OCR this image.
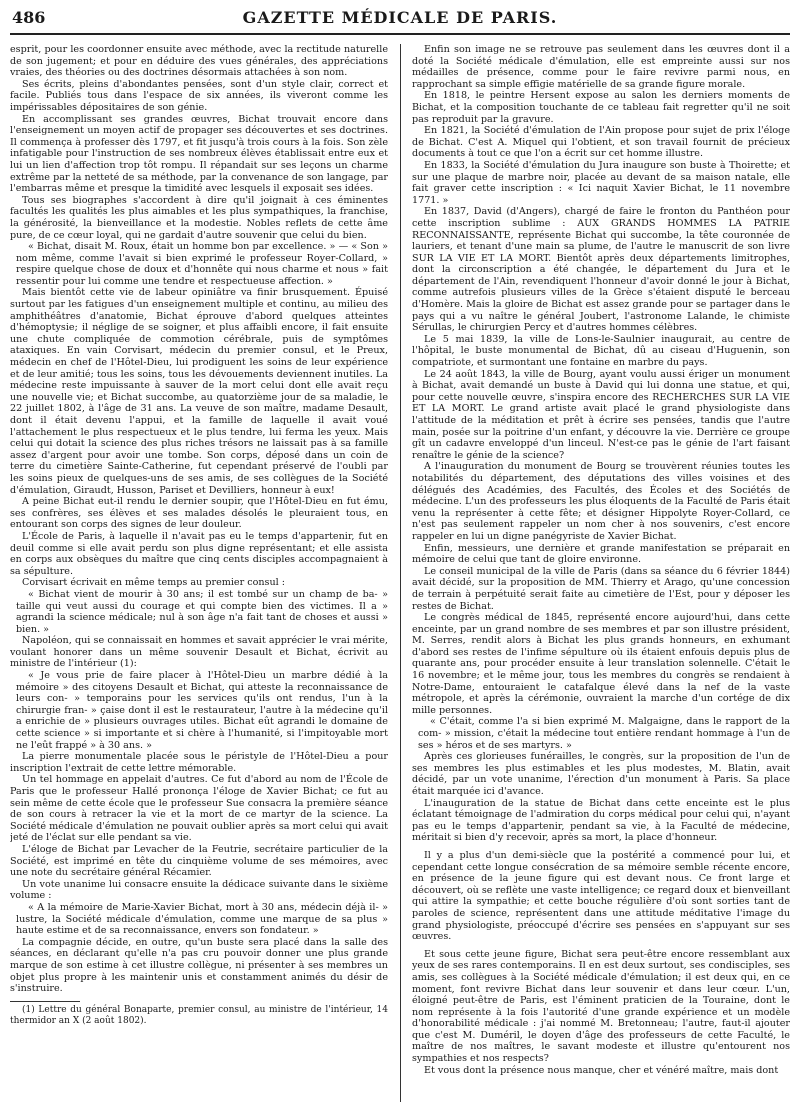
486	GAZETTE MÉDICALE DE PARIS.

esprit, pour les coordonner ensuite avec méthode, avec la rectitude naturelle de son jugement; et pour en déduire des vues générales, des appréciations vraies, des théories ou des doctrines désormais attachées à son nom.

Ses écrits, pleins d'abondantes pensées, sont d'un style clair, correct et facile. Publiés tous dans l'espace de six années, ils viveront comme les impérissables dépositaires de son génie.

En accomplissant ses grandes œuvres, Bichat trouvait encore dans l'enseignement un moyen actif de propager ses découvertes et ses doctrines. Il commença à professer dès 1797, et fit jusqu'à trois cours à la fois. Son zèle infatigable pour l'instruction de ses nombreux élèves établissait entre eux et lui un lien d'affection trop tôt rompu. Il répandait sur ses leçons un charme extrême par la netteté de sa méthode, par la convenance de son langage, par l'embarras même et presque la timidité avec lesquels il exposait ses idées.

Tous ses biographes s'accordent à dire qu'il joignait à ces éminentes facultés les qualités les plus aimables et les plus sympathiques, la franchise, la générosité, la bienveillance et la modestie. Nobles reflets de cette âme pure, de ce cœur loyal, qui ne gardait d'autre souvenir que celui du bien.

« Bichat, disait M. Roux, était un homme bon par excellence. » — « Son » nom même, comme l'avait si bien exprimé le professeur Royer-Collard, » respire quelque chose de doux et d'honnête qui nous charme et nous » fait ressentir pour lui comme une tendre et respectueuse affection. »

Mais bientôt cette vie de labeur opiniâtre va finir brusquement. Épuisé surtout par les fatigues d'un enseignement multiple et continu, au milieu des amphithéâtres d'anatomie, Bichat éprouve d'abord quelques atteintes d'hémoptysie; il néglige de se soigner, et plus affaibli encore, il fait ensuite une chute compliquée de commotion cérébrale, puis de symptômes ataxiques. En vain Corvisart, médecin du premier consul, et le Preux, médecin en chef de l'Hôtel-Dieu, lui prodiguent les soins de leur expérience et de leur amitié; tous les soins, tous les dévouements deviennent inutiles. La médecine reste impuissante à sauver de la mort celui dont elle avait reçu une nouvelle vie; et Bichat succombe, au quatorzième jour de sa maladie, le 22 juillet 1802, à l'âge de 31 ans. La veuve de son maître, madame Desault, dont il était devenu l'appui, et la famille de laquelle il avait voué l'attachement le plus respectueux et le plus tendre, lui ferma les yeux. Mais celui qui dotait la science des plus riches trésors ne laissait pas à sa famille assez d'argent pour avoir une tombe. Son corps, déposé dans un coin de terre du cimetière Sainte-Catherine, fut cependant préservé de l'oubli par les soins pieux de quelques-uns de ses amis, de ses collègues de la Société d'émulation, Giraudt, Husson, Pariset et Devilliers, honneur à eux!

A peine Bichat eut-il rendu le dernier soupir, que l'Hôtel-Dieu en fut ému, ses confrères, ses élèves et ses malades désolés le pleuraient tous, en entourant son corps des signes de leur douleur.

L'École de Paris, à laquelle il n'avait pas eu le temps d'appartenir, fut en deuil comme si elle avait perdu son plus digne représentant; et elle assista en corps aux obsèques du maître que cinq cents disciples accompagnaient à sa sépulture.

Corvisart écrivait en même temps au premier consul :

« Bichat vient de mourir à 30 ans; il est tombé sur un champ de ba- » taille qui veut aussi du courage et qui compte bien des victimes. Il a » agrandi la science médicale; nul à son âge n'a fait tant de choses et aussi » bien. »

Napoléon, qui se connaissait en hommes et savait apprécier le vrai mérite, voulant honorer dans un même souvenir Desault et Bichat, écrivit au ministre de l'intérieur (1):

« Je vous prie de faire placer à l'Hôtel-Dieu un marbre dédié à la mémoire » des citoyens Desault et Bichat, qui atteste la reconnaissance de leurs con- » temporains pour les services qu'ils ont rendus, l'un à la chirurgie fran- » çaise dont il est le restaurateur, l'autre à la médecine qu'il a enrichie de » plusieurs ouvrages utiles. Bichat eût agrandi le domaine de cette science » si importante et si chère à l'humanité, si l'impitoyable mort ne l'eût frappé » à 30 ans. »

La pierre monumentale placée sous le péristyle de l'Hôtel-Dieu a pour inscription l'extrait de cette lettre mémorable.

Un tel hommage en appelait d'autres. Ce fut d'abord au nom de l'École de Paris que le professeur Hallé prononça l'éloge de Xavier Bichat; ce fut au sein même de cette école que le professeur Sue consacra la première séance de son cours à retracer la vie et la mort de ce martyr de la science. La Société médicale d'émulation ne pouvait oublier après sa mort celui qui avait jeté de l'éclat sur elle pendant sa vie.

L'éloge de Bichat par Levacher de la Feutrie, secrétaire particulier de la Société, est imprimé en tête du cinquième volume de ses mémoires, avec une note du secrétaire général Récamier.

Un vote unanime lui consacre ensuite la dédicace suivante dans le sixième volume :

« A la mémoire de Marie-Xavier Bichat, mort à 30 ans, médecin déjà il- » lustre, la Société médicale d'émulation, comme une marque de sa plus » haute estime et de sa reconnaissance, envers son fondateur. »

La compagnie décide, en outre, qu'un buste sera placé dans la salle des séances, en déclarant qu'elle n'a pas cru pouvoir donner une plus grande marque de son estime à cet illustre collègue, ni présenter à ses membres un objet plus propre à les maintenir unis et constamment animés du désir de s'instruire.

(1) Lettre du général Bonaparte, premier consul, au ministre de l'intérieur, 14 thermidor an X (2 août 1802).

Enfin son image ne se retrouve pas seulement dans les œuvres dont il a doté la Société médicale d'émulation, elle est empreinte aussi sur nos médailles de présence, comme pour le faire revivre parmi nous, en rapprochant sa simple effigie matérielle de sa grande figure morale.

En 1818, le peintre Hersent expose au salon les derniers moments de Bichat, et la composition touchante de ce tableau fait regretter qu'il ne soit pas reproduit par la gravure.

En 1821, la Société d'émulation de l'Ain propose pour sujet de prix l'éloge de Bichat. C'est A. Miquel qui l'obtient, et son travail fournit de précieux documents à tout ce que l'on a écrit sur cet homme illustre.

En 1833, la Société d'émulation du Jura inaugure son buste à Thoirette; et sur une plaque de marbre noir, placée au devant de sa maison natale, elle fait graver cette inscription : « Ici naquit Xavier Bichat, le 11 novembre 1771. »

En 1837, David (d'Angers), chargé de faire le fronton du Panthéon pour cette inscription sublime : AUX GRANDS HOMMES LA PATRIE RECONNAISSANTE, représente Bichat qui succombe, la tête couronnée de lauriers, et tenant d'une main sa plume, de l'autre le manuscrit de son livre SUR LA VIE ET LA MORT. Bientôt après deux départements limitrophes, dont la circonscription a été changée, le département du Jura et le département de l'Ain, revendiquent l'honneur d'avoir donné le jour à Bichat, comme autrefois plusieurs villes de la Grèce s'étaient disputé le berceau d'Homère. Mais la gloire de Bichat est assez grande pour se partager dans le pays qui a vu naître le général Joubert, l'astronome Lalande, le chimiste Sérullas, le chirurgien Percy et d'autres hommes célèbres.

Le 5 mai 1839, la ville de Lons-le-Saulnier inaugurait, au centre de l'hôpital, le buste monumental de Bichat, dû au ciseau d'Huguenin, son compatriote, et surmontant une fontaine en marbre du pays.

Le 24 août 1843, la ville de Bourg, ayant voulu aussi ériger un monument à Bichat, avait demandé un buste à David qui lui donna une statue, et qui, pour cette nouvelle œuvre, s'inspira encore des RECHERCHES SUR LA VIE ET LA MORT. Le grand artiste avait placé le grand physiologiste dans l'attitude de la méditation et prêt à écrire ses pensées, tandis que l'autre main, posée sur la poitrine d'un enfant, y découvre la vie. Derrière ce groupe gît un cadavre enveloppé d'un linceul. N'est-ce pas le génie de l'art faisant renaître le génie de la science?

A l'inauguration du monument de Bourg se trouvèrent réunies toutes les notabilités du département, des députations des villes voisines et des délégués des Académies, des Facultés, des Écoles et des Sociétés de médecine. L'un des professeurs les plus éloquents de la Faculté de Paris était venu la représenter à cette fête; et désigner Hippolyte Royer-Collard, ce n'est pas seulement rappeler un nom cher à nos souvenirs, c'est encore rappeler en lui un digne panégyriste de Xavier Bichat.

Enfin, messieurs, une dernière et grande manifestation se préparait en mémoire de celui que tant de gloire environne.

Le conseil municipal de la ville de Paris (dans sa séance du 6 février 1844) avait décidé, sur la proposition de MM. Thierry et Arago, qu'une concession de terrain à perpétuité serait faite au cimetière de l'Est, pour y déposer les restes de Bichat.

Le congrès médical de 1845, représenté encore aujourd'hui, dans cette enceinte, par un grand nombre de ses membres et par son illustre président, M. Serres, rendit alors à Bichat les plus grands honneurs, en exhumant d'abord ses restes de l'infime sépulture où ils étaient enfouis depuis plus de quarante ans, pour procéder ensuite à leur translation solennelle. C'était le 16 novembre; et le même jour, tous les membres du congrès se rendaient à Notre-Dame, entouraient le catafalque élevé dans la nef de la vaste métropole, et après la cérémonie, ouvraient la marche d'un cortége de dix mille personnes.

« C'était, comme l'a si bien exprimé M. Malgaigne, dans le rapport de la com- » mission, c'était la médecine tout entière rendant hommage à l'un de ses » héros et de ses martyrs. »

Après ces glorieuses funérailles, le congrès, sur la proposition de l'un de ses membres les plus estimables et les plus modestes, M. Blatin, avait décidé, par un vote unanime, l'érection d'un monument à Paris. Sa place était marquée ici d'avance.

L'inauguration de la statue de Bichat dans cette enceinte est le plus éclatant témoignage de l'admiration du corps médical pour celui qui, n'ayant pas eu le temps d'appartenir, pendant sa vie, à la Faculté de médecine, méritait si bien d'y recevoir, après sa mort, la place d'honneur.

Il y a plus d'un demi-siècle que la postérité a commencé pour lui, et cependant cette longue consécration de sa mémoire semble récente encore, en présence de la jeune figure qui est devant nous. Ce front large et découvert, où se reflète une vaste intelligence; ce regard doux et bienveillant qui attire la sympathie; et cette bouche régulière d'où sont sorties tant de paroles de science, représentent dans une attitude méditative l'image du grand physiologiste, préoccupé d'écrire ses pensées en s'appuyant sur ses œuvres.

Et sous cette jeune figure, Bichat sera peut-être encore ressemblant aux yeux de ses rares contemporains. Il en est deux surtout, ses condisciples, ses amis, ses collègues à la Société médicale d'émulation; il est deux qui, en ce moment, font revivre Bichat dans leur souvenir et dans leur cœur. L'un, éloigné peut-être de Paris, est l'éminent praticien de la Touraine, dont le nom représente à la fois l'autorité d'une grande expérience et un modèle d'honorabilité médicale : j'ai nommé M. Bretonneau; l'autre, faut-il ajouter que c'est M. Duméril, le doyen d'âge des professeurs de cette Faculté, le maître de nos maîtres, le savant modeste et illustre qu'entourent nos sympathies et nos respects?

Et vous dont la présence nous manque, cher et vénéré maître, mais dont
